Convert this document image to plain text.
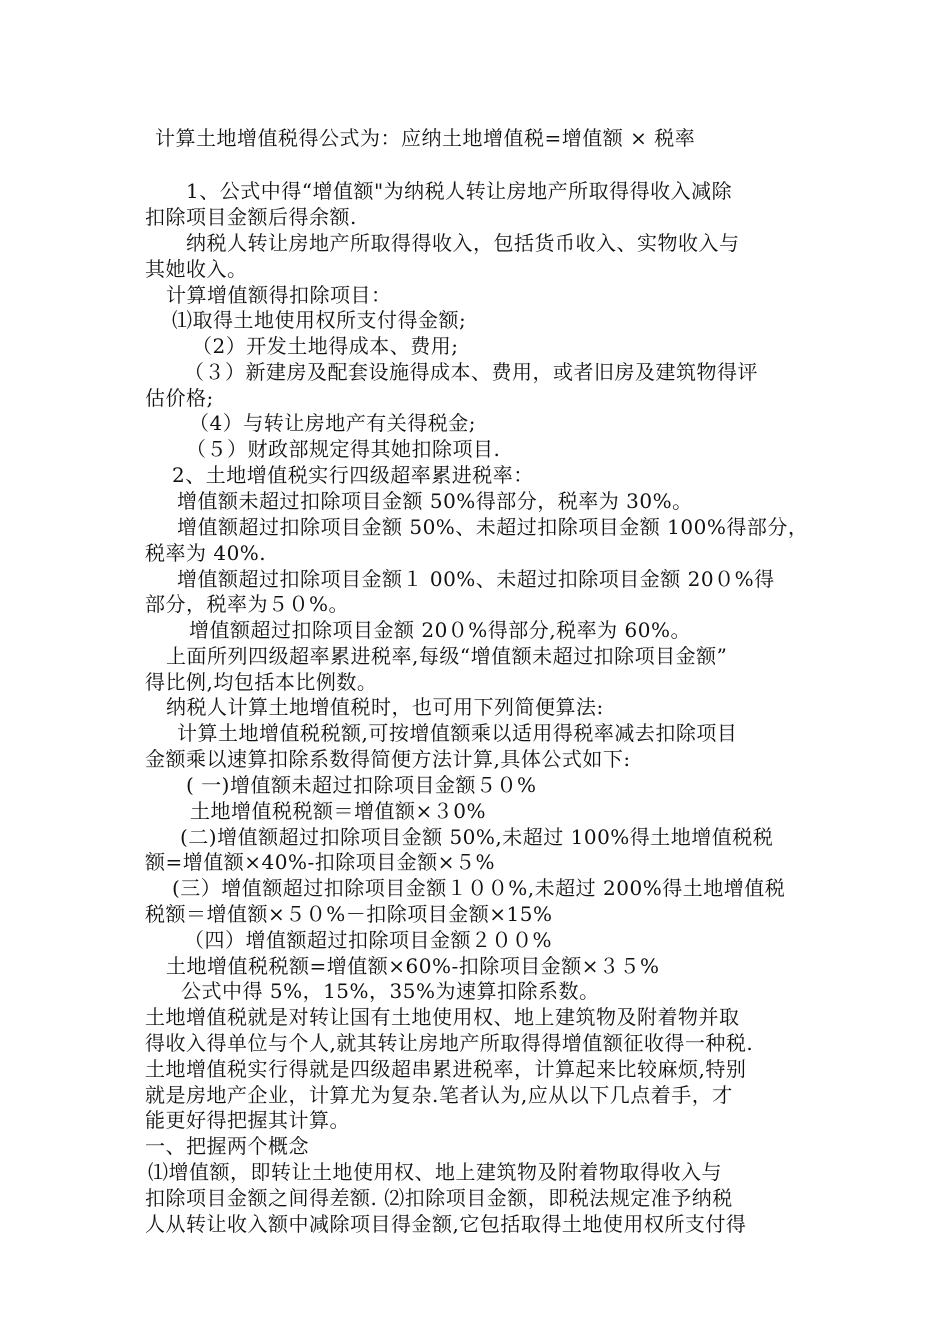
计算土地增值税得公式为：应纳土地增值税=增值额 × 税率
1、公式中得“增值额"为纳税人转让房地产所取得得收入减除
扣除项目金额后得余额.
纳税人转让房地产所取得得收入，包括货币收入、实物收入与
其她收入。
计算增值额得扣除项目：
⑴取得土地使用权所支付得金额;
（2）开发土地得成本、费用;
（３）新建房及配套设施得成本、费用，或者旧房及建筑物得评
估价格;
（4）与转让房地产有关得税金;
（５）财政部规定得其她扣除项目.
2、土地增值税实行四级超率累进税率：
增值额未超过扣除项目金额 50%得部分，税率为 30%。
增值额超过扣除项目金额 50%、未超过扣除项目金额 100%得部分，
税率为 40%.
增值额超过扣除项目金额１ 00%、未超过扣除项目金额 20０%得
部分，税率为５０%。
增值额超过扣除项目金额 20０%得部分,税率为 60%。
上面所列四级超率累进税率,每级“增值额未超过扣除项目金额”
得比例,均包括本比例数。
纳税人计算土地增值税时，也可用下列简便算法:
计算土地增值税税额,可按增值额乘以适用得税率减去扣除项目
金额乘以速算扣除系数得简便方法计算,具体公式如下:
( 一)增值额未超过扣除项目金额５０%
土地增值税税额＝增值额×３0%
(二)增值额超过扣除项目金额 50%,未超过 100%得土地增值税税
额=增值额×40%-扣除项目金额×５%
(三）增值额超过扣除项目金额１００%,未超过 200%得土地增值税
税额＝增值额×５０%－扣除项目金额×15%
（四）增值额超过扣除项目金额２００%
土地增值税税额=增值额×60%-扣除项目金额×３５%
公式中得 5%，15%，35%为速算扣除系数。
土地增值税就是对转让国有土地使用权、地上建筑物及附着物并取
得收入得单位与个人,就其转让房地产所取得得增值额征收得一种税.
土地增值税实行得就是四级超串累进税率，计算起来比较麻烦,特别
就是房地产企业，计算尤为复杂.笔者认为,应从以下几点着手，才
能更好得把握其计算。
一、把握两个概念
⑴增值额，即转让土地使用权、地上建筑物及附着物取得收入与
扣除项目金额之间得差额. ⑵扣除项目金额，即税法规定准予纳税
人从转让收入额中减除项目得金额,它包括取得土地使用权所支付得
